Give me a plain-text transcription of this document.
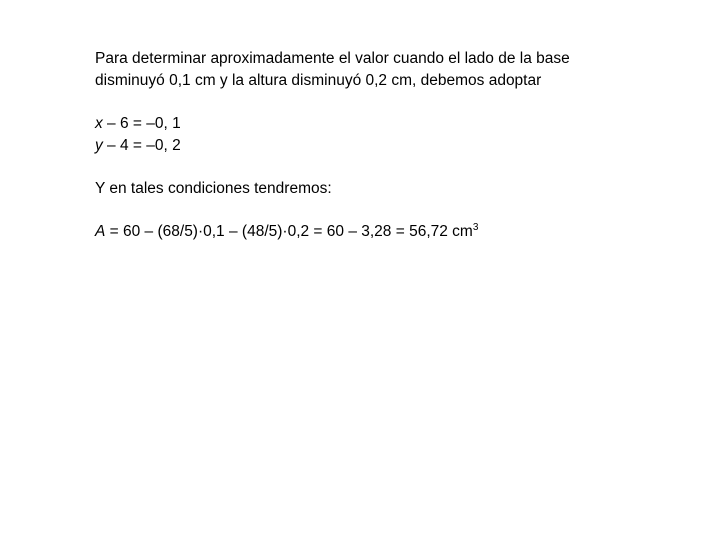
Para determinar aproximadamente el valor cuando el lado de la base

disminuyó 0,1 cm y la altura disminuyó 0,2 cm, debemos adoptar

x – 6 = –0, 1

y – 4 = –0, 2

Y en tales condiciones tendremos:

A = 60 – (68/5)·0,1 – (48/5)·0,2 = 60 – 3,28 = 56,72 $cm^3$
